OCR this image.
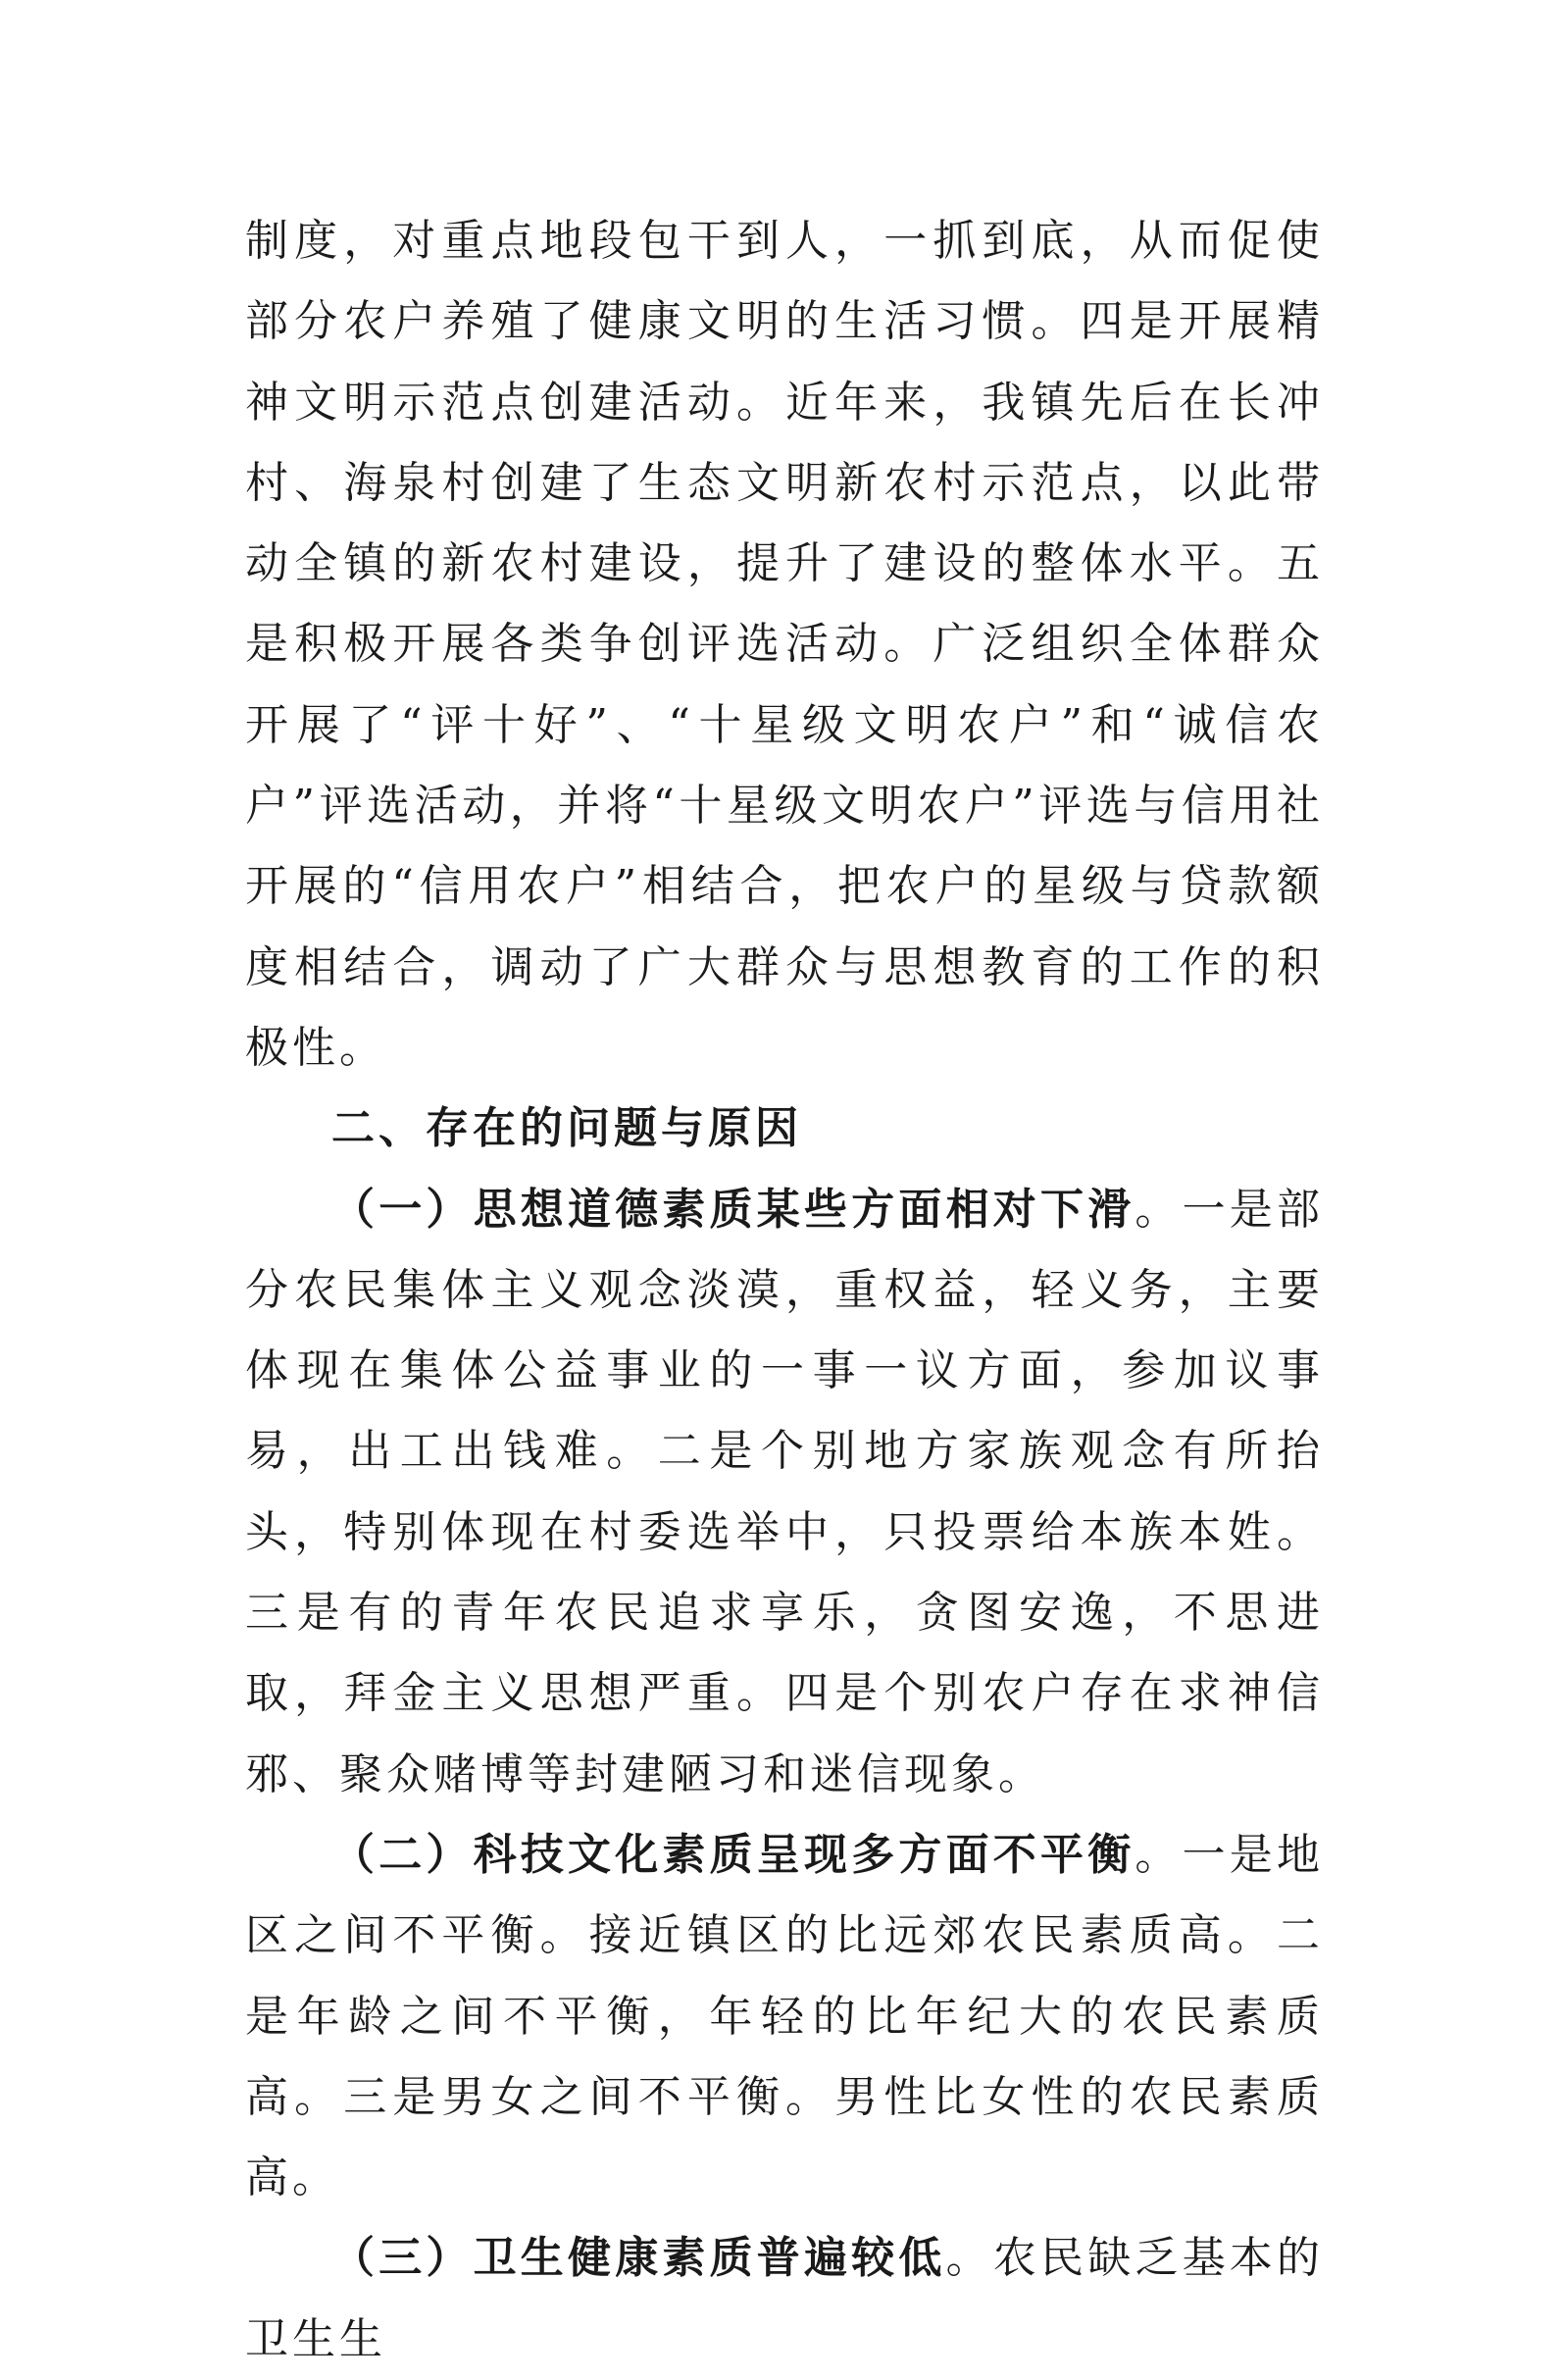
制度，对重点地段包干到人，一抓到底，从而促使部分农户养殖了健康文明的生活习惯。四是开展精神文明示范点创建活动。近年来，我镇先后在长冲村、海泉村创建了生态文明新农村示范点，以此带动全镇的新农村建设，提升了建设的整体水平。五是积极开展各类争创评选活动。广泛组织全体群众开展了“评十好”、“十星级文明农户”和“诚信农户”评选活动，并将“十星级文明农户”评选与信用社开展的“信用农户”相结合，把农户的星级与贷款额度相结合，调动了广大群众与思想教育的工作的积极性。

二、存在的问题与原因

（一）思想道德素质某些方面相对下滑。一是部分农民集体主义观念淡漠，重权益，轻义务，主要体现在集体公益事业的一事一议方面，参加议事易，出工出钱难。二是个别地方家族观念有所抬头，特别体现在村委选举中，只投票给本族本姓。三是有的青年农民追求享乐，贪图安逸，不思进取，拜金主义思想严重。四是个别农户存在求神信邪、聚众赌博等封建陋习和迷信现象。

（二）科技文化素质呈现多方面不平衡。一是地区之间不平衡。接近镇区的比远郊农民素质高。二是年龄之间不平衡，年轻的比年纪大的农民素质高。三是男女之间不平衡。男性比女性的农民素质高。

（三）卫生健康素质普遍较低。农民缺乏基本的卫生生
